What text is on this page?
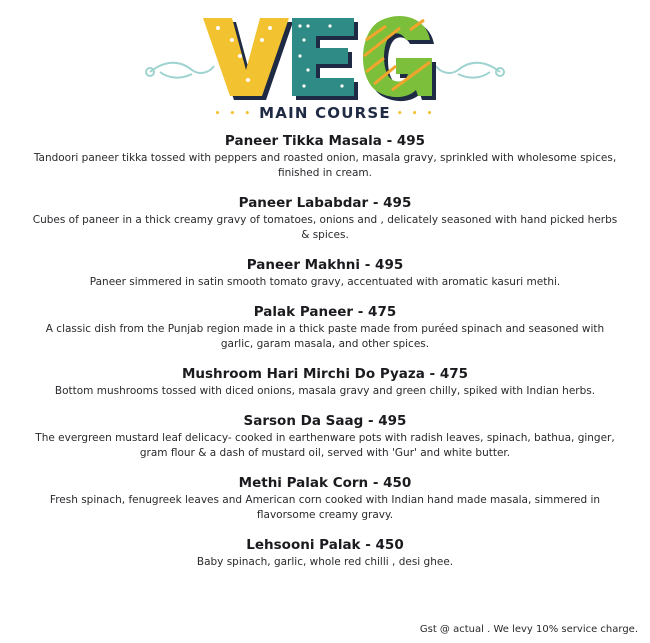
• • • MAIN COURSE • • •
Paneer Tikka Masala - 495
Tandoori paneer tikka tossed with peppers and roasted onion, masala gravy, sprinkled with wholesome spices, finished in cream.
Paneer Lababdar - 495
Cubes of paneer in a thick creamy gravy of tomatoes, onions and , delicately seasoned with hand picked herbs & spices.
Paneer Makhni - 495
Paneer simmered in satin smooth tomato gravy, accentuated with aromatic kasuri methi.
Palak Paneer - 475
A classic dish from the Punjab region made in a thick paste made from puréed spinach and seasoned with garlic, garam masala, and other spices.
Mushroom Hari Mirchi Do Pyaza - 475
Bottom mushrooms tossed with diced onions, masala gravy and green chilly, spiked with Indian herbs.
Sarson Da Saag - 495
The evergreen mustard leaf delicacy- cooked in earthenware pots with radish leaves, spinach, bathua, ginger, gram flour & a dash of mustard oil, served with 'Gur' and white butter.
Methi Palak Corn - 450
Fresh spinach, fenugreek leaves and American corn cooked with Indian hand made masala, simmered in flavorsome creamy gravy.
Lehsooni Palak - 450
Baby spinach, garlic, whole red chilli , desi ghee.
Gst @ actual . We levy 10% service charge.
